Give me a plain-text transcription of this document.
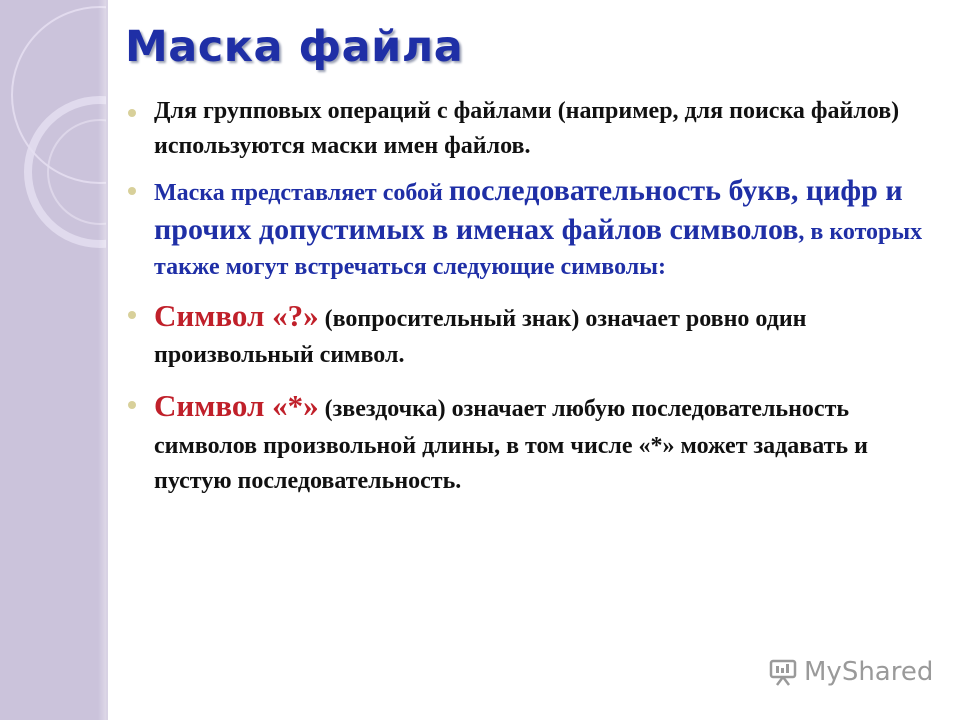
Маска файла
Для групповых операций с файлами (например, для поиска файлов) используются маски имен файлов.
Маска представляет собой последовательность букв, цифр и прочих допустимых в именах файлов символов, в которых также могут встречаться следующие символы:
Символ «?» (вопросительный знак) означает ровно один произвольный символ.
Символ «*» (звездочка) означает любую последовательность символов произвольной длины, в том числе «*» может задавать и пустую последовательность.
MyShared
